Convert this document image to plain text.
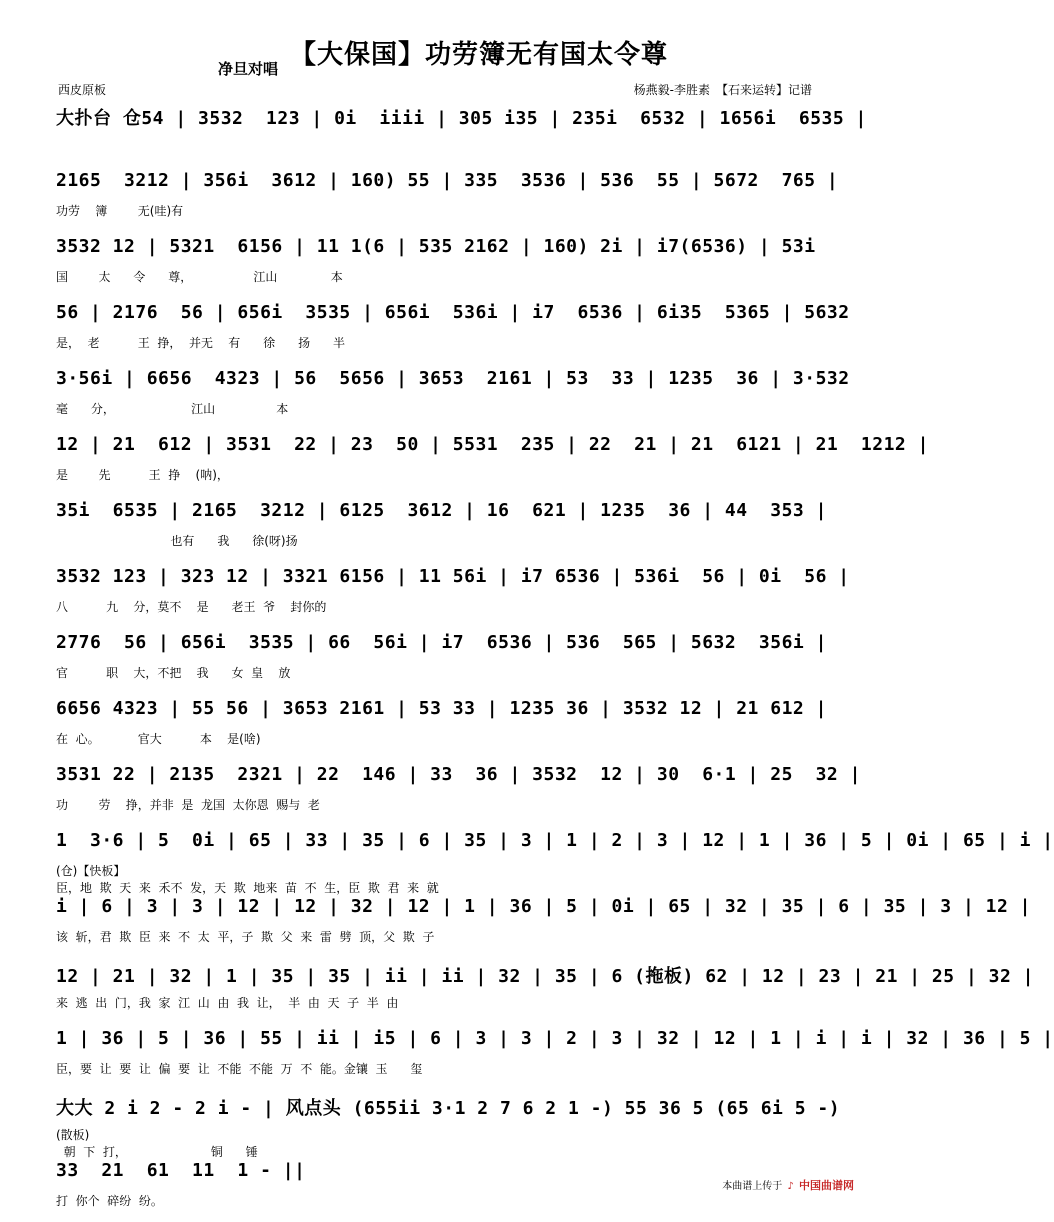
净旦对唱 【大保国】功劳簿无有国太令尊
西皮原板	杨燕毅-李胜素　【石来运转】记谱
大扑台 仓54 | 3532  123 | 0i  iiii | 305 i35 | 235i  6532 | 1656i  6535 |
2165  3212 | 356i  3612 | 160) 55 | 335  3536 | 536  55 | 5672  765 |
功劳    簿        无(哇)有
3532 12 | 5321  6156 | 11 1(6 | 535 2162 | 160) 2i | i7(6536) | 53i
国        太      令      尊，                江山              本
56 | 2176  56 | 656i  3535 | 656i  536i | i7  6536 | 6i35  5365 | 5632
是，  老          王  挣，  并无    有      徐      扬      半
3·56i | 6656  4323 | 56  5656 | 3653  2161 | 53  33 | 1235  36 | 3·532
毫      分，                    江山                本
12 | 21  612 | 3531  22 | 23  50 | 5531  235 | 22  21 | 21  6121 | 21  1212 |
是        先          王  挣    (呐)，
35i  6535 | 2165  3212 | 6125  3612 | 16  621 | 1235  36 | 44  353 |
也有      我      徐(呀)扬
3532 123 | 323 12 | 3321 6156 | 11 56i | i7 6536 | 536i  56 | 0i  56 |
八          九    分，莫不    是      老王  爷    封你的
2776  56 | 656i  3535 | 66  56i | i7  6536 | 536  565 | 5632  356i |
官          职    大，不把    我      女  皇    放
6656 4323 | 55 56 | 3653 2161 | 53 33 | 1235 36 | 3532 12 | 21 612 |
在  心。          官大          本    是(啥)
3531 22 | 2135  2321 | 22  146 | 33  36 | 3532  12 | 30  6·1 | 25  32 |
功        劳    挣，并非  是  龙国  太你恩  赐与  老
1  3·6 | 5  0i | 65 | 33 | 35 | 6 | 35 | 3 | 1 | 2 | 3 | 12 | 1 | 36 | 5 | 0i | 65 | i |
(仓)【快板】
臣，地  欺  天  来  禾不  发，天  欺  地来  苗  不  生，臣  欺  君  来  就
i | 6 | 3 | 3 | 12 | 12 | 32 | 12 | 1 | 36 | 5 | 0i | 65 | 32 | 35 | 6 | 35 | 3 | 12 |
该  斩，君  欺  臣  来  不  太  平，子  欺  父  来  雷  劈  顶，父  欺  子
12 | 21 | 32 | 1 | 35 | 35 | ii | ii | 32 | 35 | 6 (拖板) 62 | 12 | 23 | 21 | 25 | 32 |
来  逃  出  门，我  家  江  山  由  我  让，  半  由  天  子  半  由
1 | 36 | 5 | 36 | 55 | ii | i5 | 6 | 3 | 3 | 2 | 3 | 32 | 12 | 1 | i | i | 32 | 36 | 5 |
臣，要  让  要  让  偏  要  让  不能  不能  万  不  能。金镶  玉      玺
大大 2 i 2 - 2 i - | 风点头 (655ii 3·1 2 7 6 2 1 -) 55 36 5 (65 6i 5 -)
(散板)
朝  下  打，                      铜      锤
33  21  61  11  1 - ||
打  你个  碎纷  纷。
本曲谱上传于 ♪ 中国曲谱网
